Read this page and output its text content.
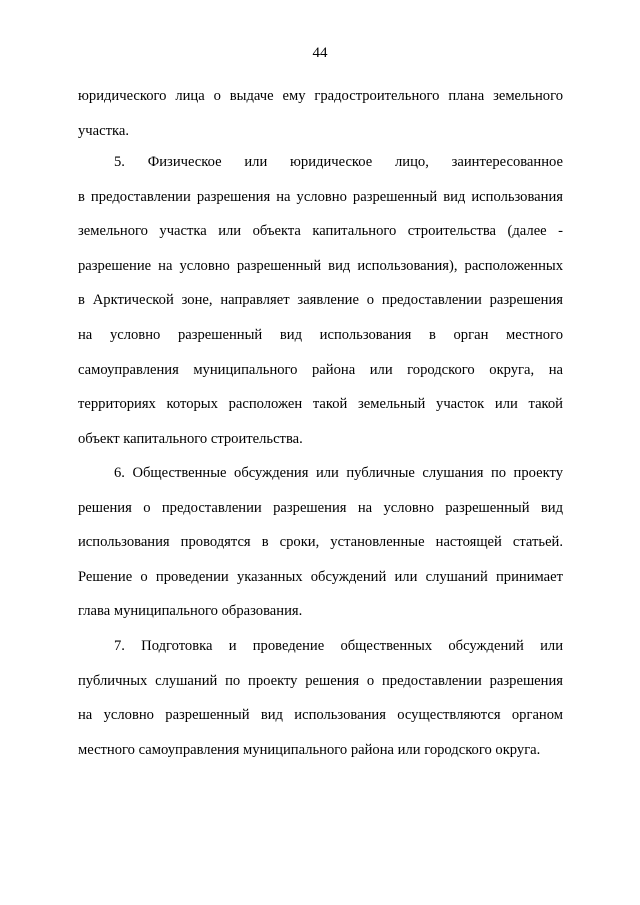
44
юридического лица о выдаче ему градостроительного плана земельного
участка.
5. Физическое или юридическое лицо, заинтересованное
в предоставлении разрешения на условно разрешенный вид использования
земельного участка или объекта капитального строительства (далее -
разрешение на условно разрешенный вид использования), расположенных
в Арктической зоне, направляет заявление о предоставлении разрешения
на условно разрешенный вид использования в орган местного
самоуправления муниципального района или городского округа, на
территориях которых расположен такой земельный участок или такой
объект капитального строительства.
6. Общественные обсуждения или публичные слушания по проекту
решения о предоставлении разрешения на условно разрешенный вид
использования проводятся в сроки, установленные настоящей статьей.
Решение о проведении указанных обсуждений или слушаний принимает
глава муниципального образования.
7. Подготовка и проведение общественных обсуждений или
публичных слушаний по проекту решения о предоставлении разрешения
на условно разрешенный вид использования осуществляются органом
местного самоуправления муниципального района или городского округа.
